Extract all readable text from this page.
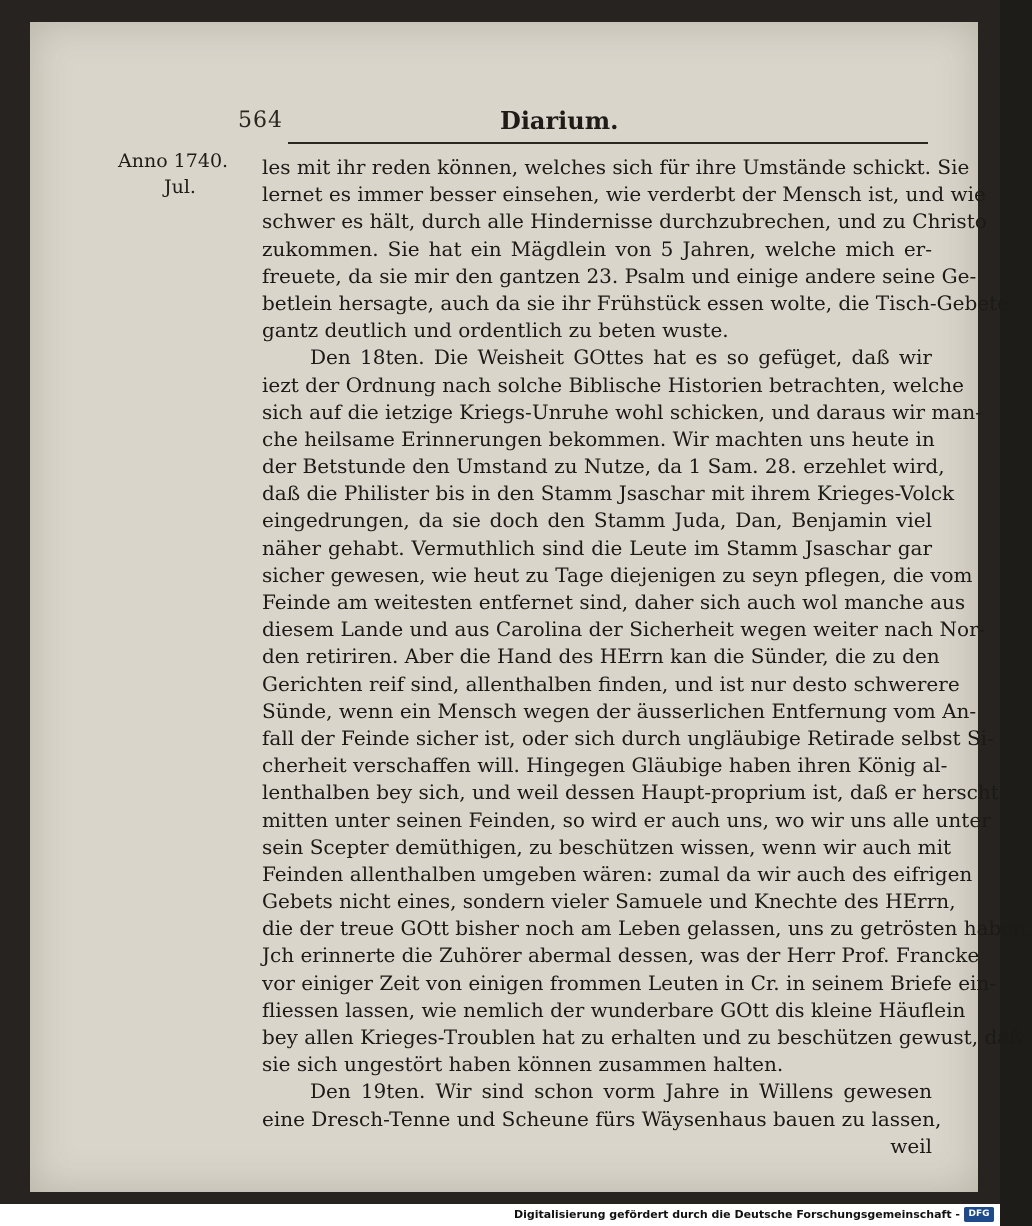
564	Diarium.
Anno 1740.
Jul.
les mit ihr reden können, welches sich für ihre Umstände schickt. Sie
lernet es immer besser einsehen, wie verderbt der Mensch ist, und wie
schwer es hält, durch alle Hindernisse durchzubrechen, und zu Christo
zukommen. Sie hat ein Mägdlein von 5 Jahren, welche mich er-
freuete, da sie mir den gantzen 23. Psalm und einige andere seine Ge-
betlein hersagte, auch da sie ihr Frühstück essen wolte, die Tisch-Gebete
gantz deutlich und ordentlich zu beten wuste.
Den 18ten. Die Weisheit GOttes hat es so gefüget, daß wir
iezt der Ordnung nach solche Biblische Historien betrachten, welche
sich auf die ietzige Kriegs-Unruhe wohl schicken, und daraus wir man-
che heilsame Erinnerungen bekommen. Wir machten uns heute in
der Betstunde den Umstand zu Nutze, da 1 Sam. 28. erzehlet wird,
daß die Philister bis in den Stamm Jsaschar mit ihrem Krieges-Volck
eingedrungen, da sie doch den Stamm Juda, Dan, Benjamin viel
näher gehabt. Vermuthlich sind die Leute im Stamm Jsaschar gar
sicher gewesen, wie heut zu Tage diejenigen zu seyn pflegen, die vom
Feinde am weitesten entfernet sind, daher sich auch wol manche aus
diesem Lande und aus Carolina der Sicherheit wegen weiter nach Nor-
den retiriren. Aber die Hand des HErrn kan die Sünder, die zu den
Gerichten reif sind, allenthalben finden, und ist nur desto schwerere
Sünde, wenn ein Mensch wegen der äusserlichen Entfernung vom An-
fall der Feinde sicher ist, oder sich durch ungläubige Retirade selbst Si-
cherheit verschaffen will. Hingegen Gläubige haben ihren König al-
lenthalben bey sich, und weil dessen Haupt-proprium ist, daß er herscht
mitten unter seinen Feinden, so wird er auch uns, wo wir uns alle unter
sein Scepter demüthigen, zu beschützen wissen, wenn wir auch mit
Feinden allenthalben umgeben wären: zumal da wir auch des eifrigen
Gebets nicht eines, sondern vieler Samuele und Knechte des HErrn,
die der treue GOtt bisher noch am Leben gelassen, uns zu getrösten haben.
Jch erinnerte die Zuhörer abermal dessen, was der Herr Prof. Francke
vor einiger Zeit von einigen frommen Leuten in Cr. in seinem Briefe ein-
fliessen lassen, wie nemlich der wunderbare GOtt dis kleine Häuflein
bey allen Krieges-Troublen hat zu erhalten und zu beschützen gewust, daß
sie sich ungestört haben können zusammen halten.
Den 19ten. Wir sind schon vorm Jahre in Willens gewesen
eine Dresch-Tenne und Scheune fürs Wäysenhaus bauen zu lassen,
weil
Digitalisierung gefördert durch die Deutsche Forschungsgemeinschaft - DFG
